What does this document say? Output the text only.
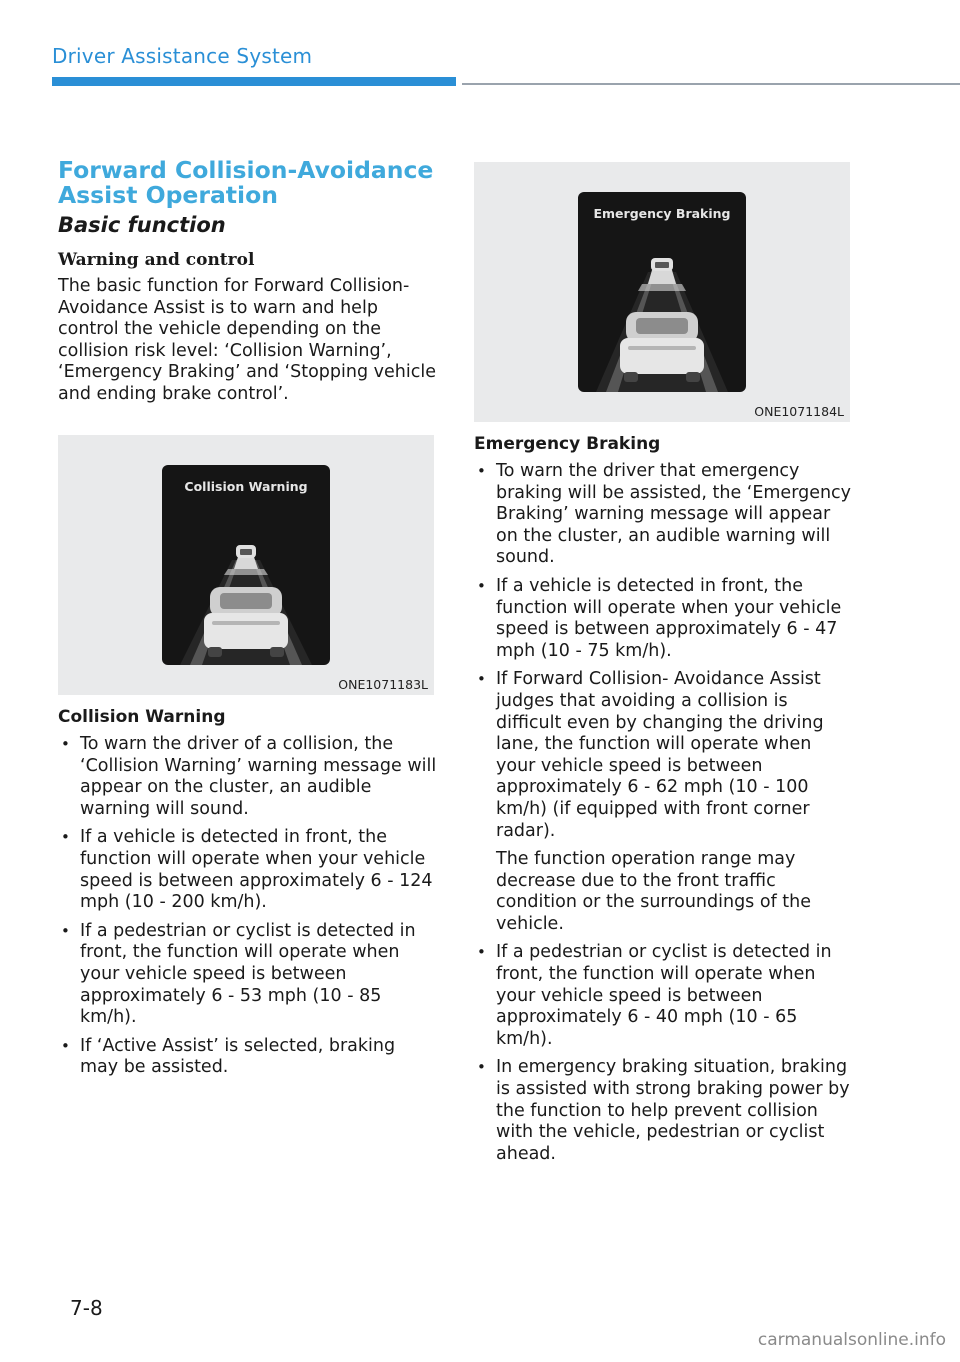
Driver Assistance System
Forward Collision-Avoidance
Assist Operation
Basic function
Warning and control

The basic function for Forward Collision-Avoidance Assist is to warn and help control the vehicle depending on the collision risk level: ‘Collision Warning’, ‘Emergency Braking’ and ‘Stopping vehicle and ending brake control’.

Collision Warning
ONE1071183L
Collision Warning
• To warn the driver of a collision, the ‘Collision Warning’ warning message will appear on the cluster, an audible warning will sound.
• If a vehicle is detected in front, the function will operate when your vehicle speed is between approximately 6 - 124 mph (10 - 200 km/h).
• If a pedestrian or cyclist is detected in front, the function will operate when your vehicle speed is between approximately 6 - 53 mph (10 - 85 km/h).
• If ‘Active Assist’ is selected, braking may be assisted.
Emergency Braking
ONE1071184L
Emergency Braking
• To warn the driver that emergency braking will be assisted, the ‘Emergency Braking’ warning message will appear on the cluster, an audible warning will sound.
• If a vehicle is detected in front, the function will operate when your vehicle speed is between approximately 6 - 47 mph (10 - 75 km/h).
• If Forward Collision- Avoidance Assist judges that avoiding a collision is difficult even by changing the driving lane, the function will operate when your vehicle speed is between approximately 6 - 62 mph (10 - 100 km/h) (if equipped with front corner radar).
The function operation range may decrease due to the front traffic condition or the surroundings of the vehicle.
• If a pedestrian or cyclist is detected in front, the function will operate when your vehicle speed is between approximately 6 - 40 mph (10 - 65 km/h).
• In emergency braking situation, braking is assisted with strong braking power by the function to help prevent collision with the vehicle, pedestrian or cyclist ahead.
7-8
carmanualsonline.info
